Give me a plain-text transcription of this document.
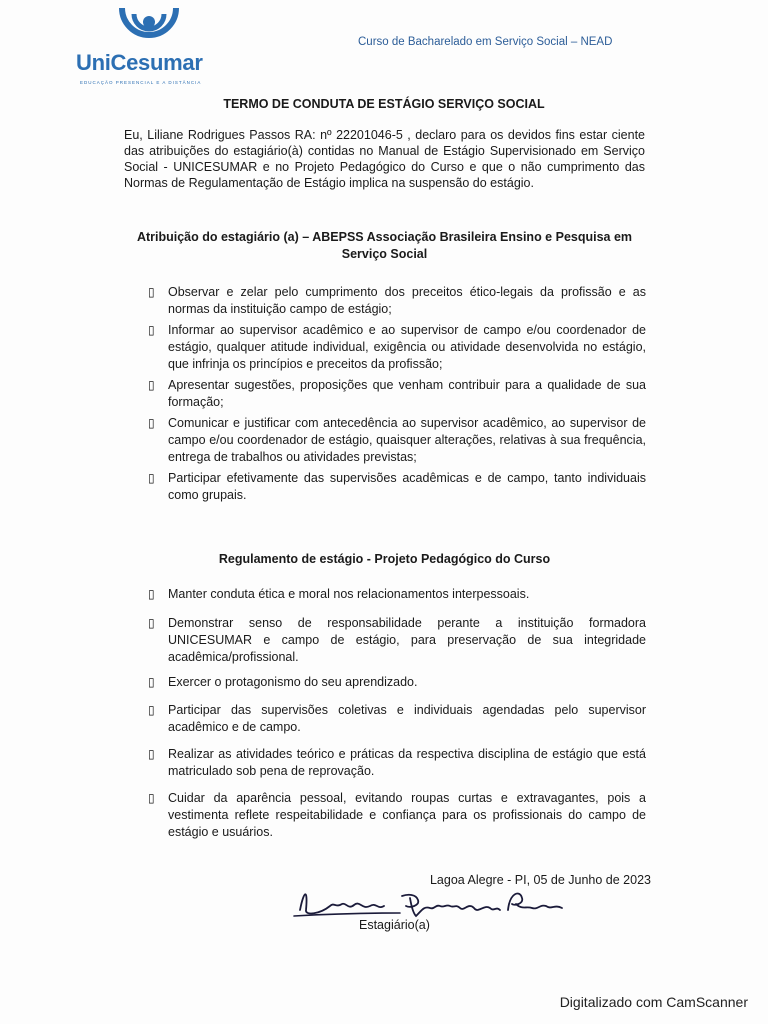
UniCesumar
EDUCAÇÃO PRESENCIAL E A DISTÂNCIA
Curso de Bacharelado em Serviço Social – NEAD
TERMO DE CONDUTA DE ESTÁGIO SERVIÇO SOCIAL
Eu, Liliane Rodrigues Passos RA: nº 22201046-5 , declaro para os devidos fins estar ciente das atribuições do estagiário(à) contidas no Manual de Estágio Supervisionado em Serviço Social - UNICESUMAR e no Projeto Pedagógico do Curso e que o não cumprimento das Normas de Regulamentação de Estágio implica na suspensão do estágio.
Atribuição do estagiário (a) – ABEPSS Associação Brasileira Ensino e Pesquisa em Serviço Social
▯ Observar e zelar pelo cumprimento dos preceitos ético-legais da profissão e as normas da instituição campo de estágio;
▯ Informar ao supervisor acadêmico e ao supervisor de campo e/ou coordenador de estágio, qualquer atitude individual, exigência ou atividade desenvolvida no estágio, que infrinja os princípios e preceitos da profissão;
▯ Apresentar sugestões, proposições que venham contribuir para a qualidade de sua formação;
▯ Comunicar e justificar com antecedência ao supervisor acadêmico, ao supervisor de campo e/ou coordenador de estágio, quaisquer alterações, relativas à sua frequência, entrega de trabalhos ou atividades previstas;
▯ Participar efetivamente das supervisões acadêmicas e de campo, tanto individuais como grupais.
Regulamento de estágio - Projeto Pedagógico do Curso
▯ Manter conduta ética e moral nos relacionamentos interpessoais.
▯ Demonstrar senso de responsabilidade perante a instituição formadora UNICESUMAR e campo de estágio, para preservação de sua integridade acadêmica/profissional.
▯ Exercer o protagonismo do seu aprendizado.
▯ Participar das supervisões coletivas e individuais agendadas pelo supervisor acadêmico e de campo.
▯ Realizar as atividades teórico e práticas da respectiva disciplina de estágio que está matriculado sob pena de reprovação.
▯ Cuidar da aparência pessoal, evitando roupas curtas e extravagantes, pois a vestimenta reflete respeitabilidade e confiança para os profissionais do campo de estágio e usuários.
Lagoa Alegre - PI, 05 de Junho de 2023
Estagiário(a)
Digitalizado com CamScanner
